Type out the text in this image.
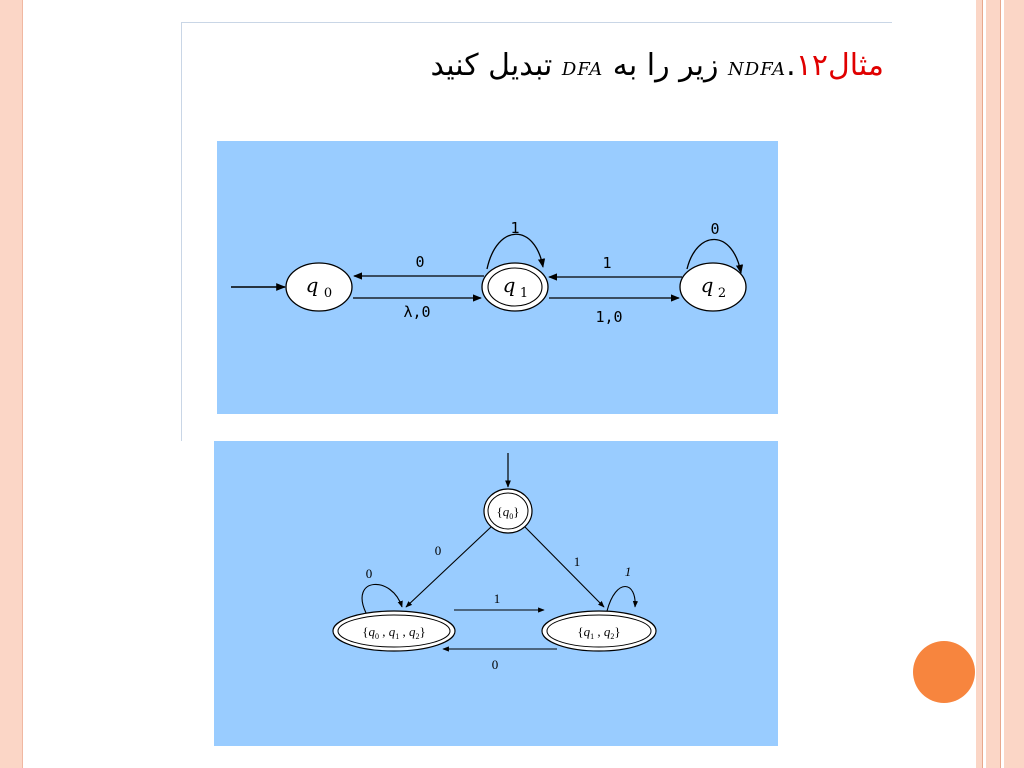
مثال۱۲.NDFA زیر را به DFA تبدیل کنید
q 0	q 1	q 2
0
λ,0
1
1
1,0
0
$\{q_0\}$
{$q_0$ , $q_1$ , $q_2$}	{$q_1$ , $q_2$}
0
1
0	1
1
0
